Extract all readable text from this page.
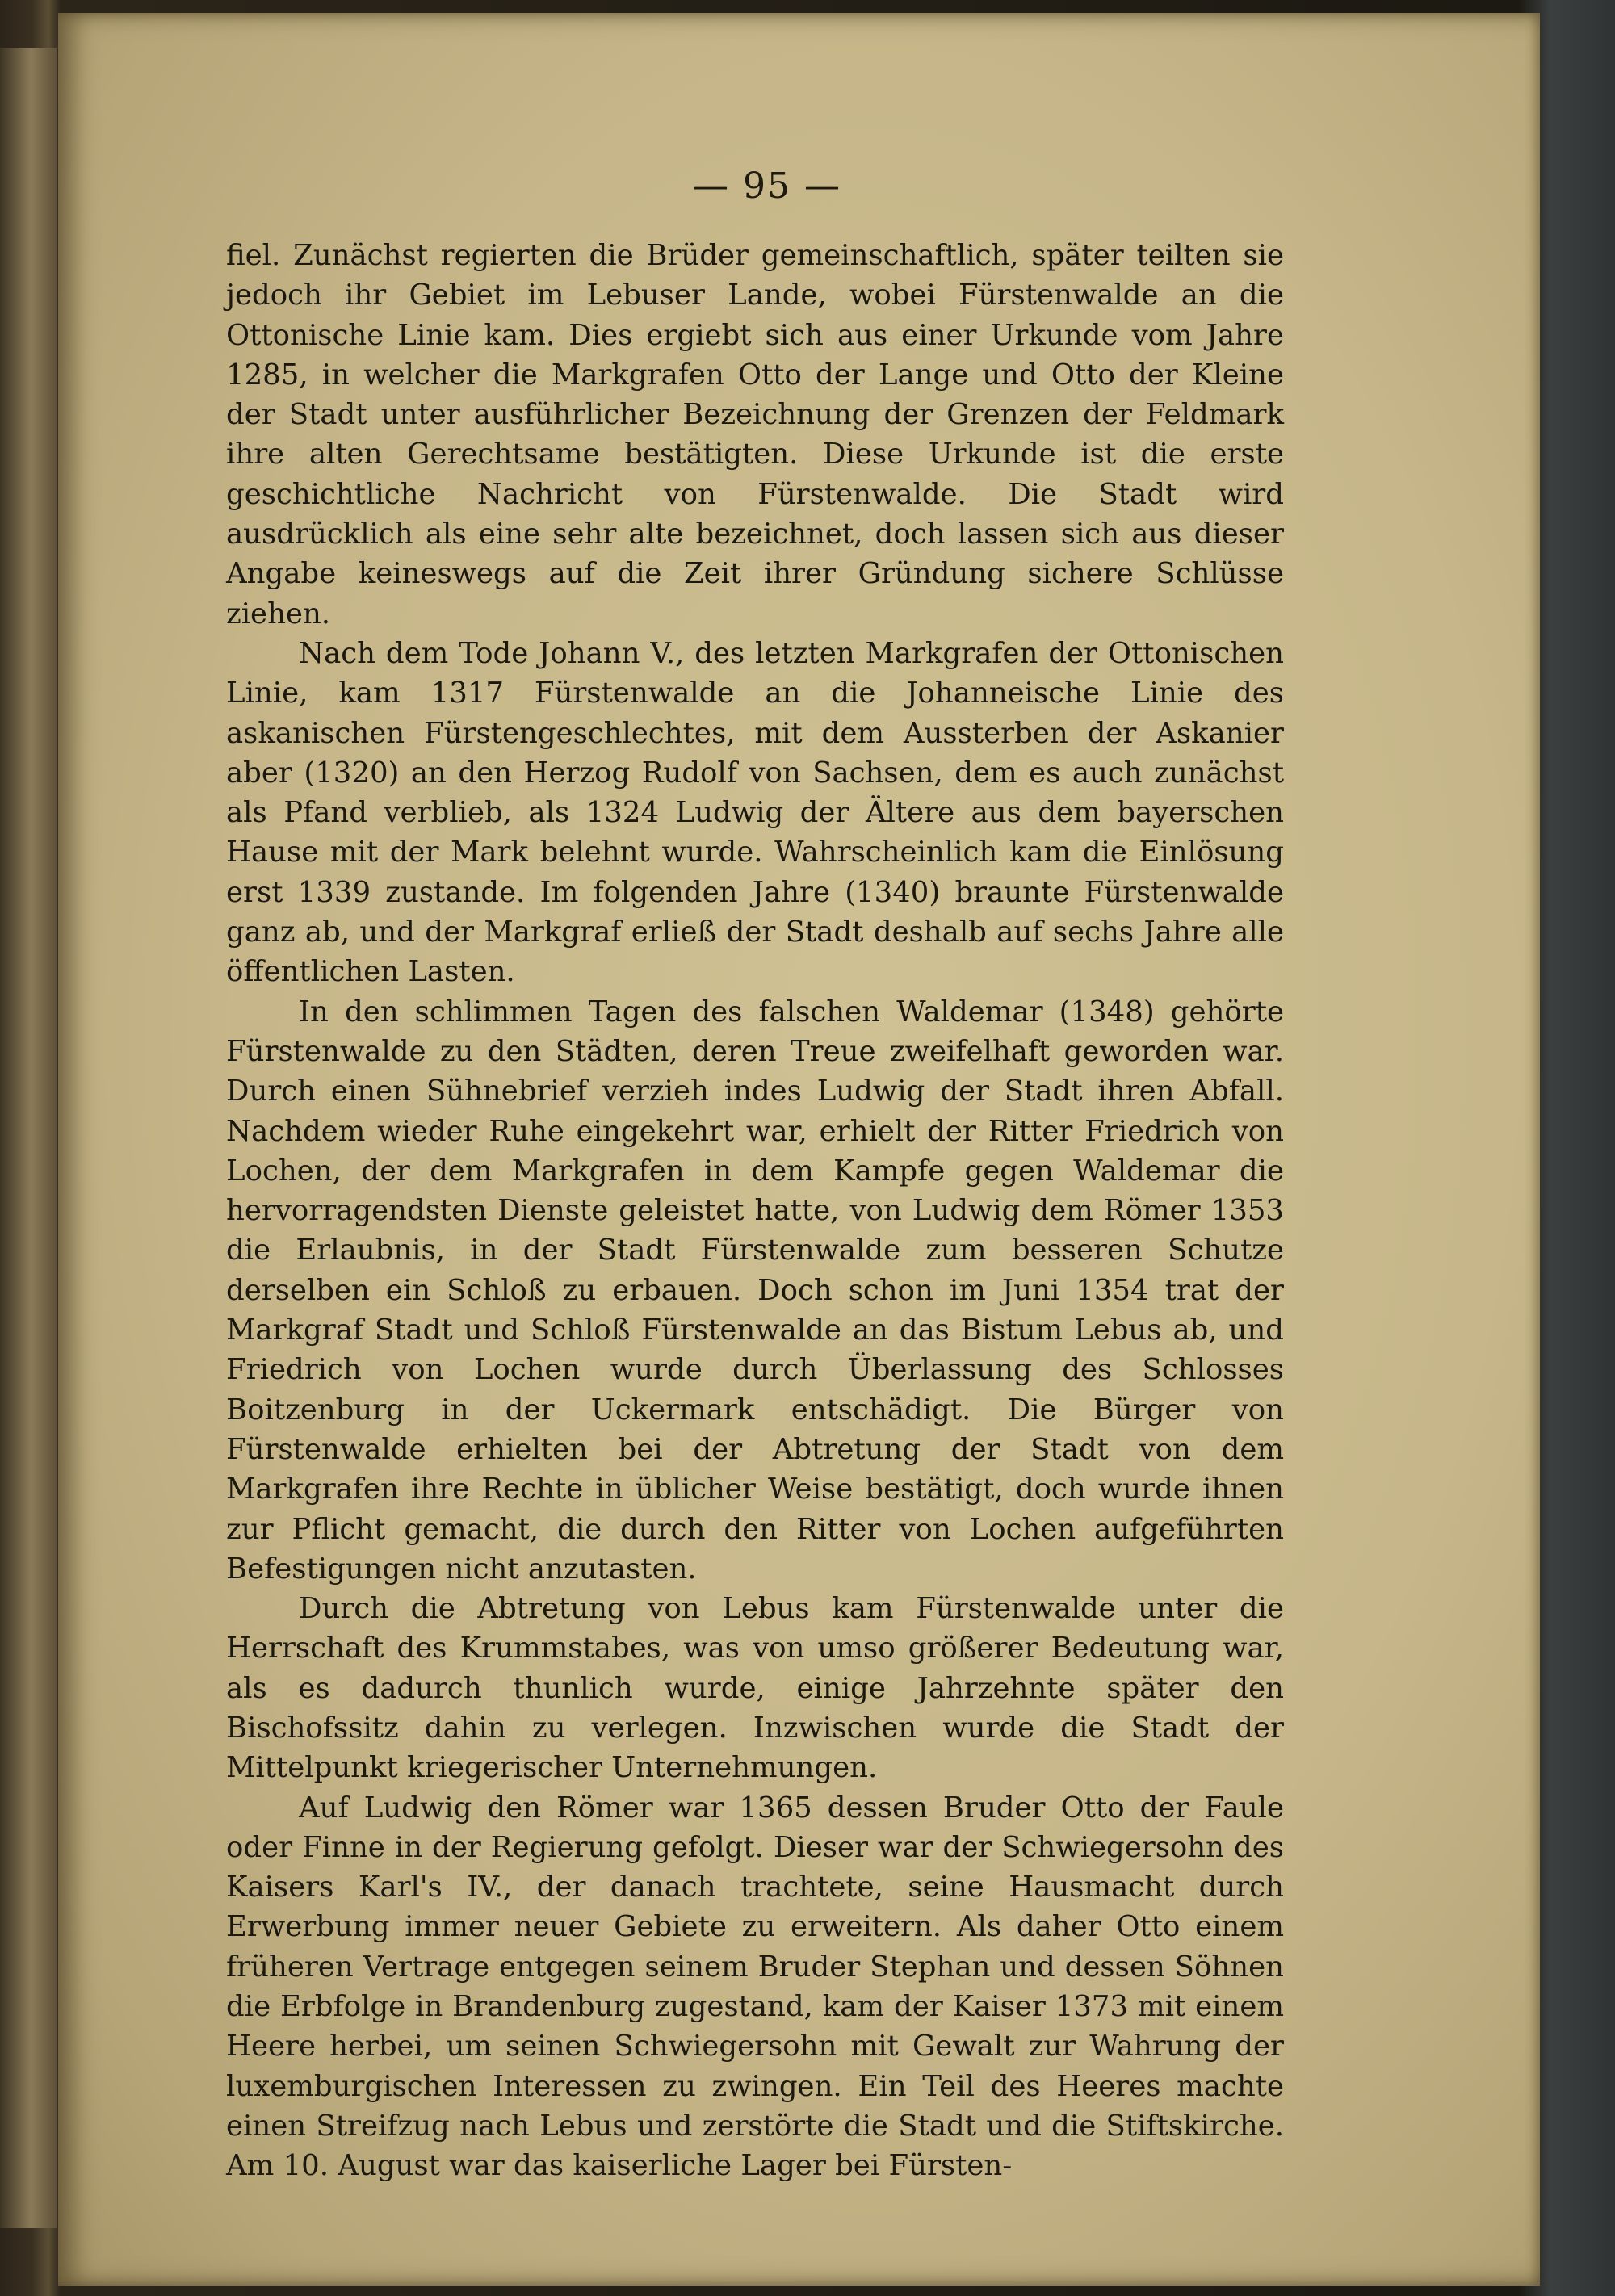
— 95 —

fiel. Zunächst regierten die Brüder gemeinschaftlich, später teilten sie jedoch ihr Gebiet im Lebuser Lande, wobei Fürstenwalde an die Ottonische Linie kam. Dies ergiebt sich aus einer Urkunde vom Jahre 1285, in welcher die Markgrafen Otto der Lange und Otto der Kleine der Stadt unter ausführlicher Bezeichnung der Grenzen der Feldmark ihre alten Gerechtsame bestätigten. Diese Urkunde ist die erste geschichtliche Nachricht von Fürstenwalde. Die Stadt wird ausdrücklich als eine sehr alte bezeichnet, doch lassen sich aus dieser Angabe keineswegs auf die Zeit ihrer Gründung sichere Schlüsse ziehen.

Nach dem Tode Johann V., des letzten Markgrafen der Ottonischen Linie, kam 1317 Fürstenwalde an die Johanneische Linie des askanischen Fürstengeschlechtes, mit dem Aussterben der Askanier aber (1320) an den Herzog Rudolf von Sachsen, dem es auch zunächst als Pfand verblieb, als 1324 Ludwig der Ältere aus dem bayerschen Hause mit der Mark belehnt wurde. Wahrscheinlich kam die Einlösung erst 1339 zustande. Im folgenden Jahre (1340) braunte Fürstenwalde ganz ab, und der Markgraf erließ der Stadt deshalb auf sechs Jahre alle öffentlichen Lasten.

In den schlimmen Tagen des falschen Waldemar (1348) gehörte Fürstenwalde zu den Städten, deren Treue zweifelhaft geworden war. Durch einen Sühnebrief verzieh indes Ludwig der Stadt ihren Abfall. Nachdem wieder Ruhe eingekehrt war, erhielt der Ritter Friedrich von Lochen, der dem Markgrafen in dem Kampfe gegen Waldemar die hervorragendsten Dienste geleistet hatte, von Ludwig dem Römer 1353 die Erlaubnis, in der Stadt Fürstenwalde zum besseren Schutze derselben ein Schloß zu erbauen. Doch schon im Juni 1354 trat der Markgraf Stadt und Schloß Fürstenwalde an das Bistum Lebus ab, und Friedrich von Lochen wurde durch Überlassung des Schlosses Boitzenburg in der Uckermark entschädigt. Die Bürger von Fürstenwalde erhielten bei der Abtretung der Stadt von dem Markgrafen ihre Rechte in üblicher Weise bestätigt, doch wurde ihnen zur Pflicht gemacht, die durch den Ritter von Lochen aufgeführten Befestigungen nicht anzutasten.

Durch die Abtretung von Lebus kam Fürstenwalde unter die Herrschaft des Krummstabes, was von umso größerer Bedeutung war, als es dadurch thunlich wurde, einige Jahrzehnte später den Bischofssitz dahin zu verlegen. Inzwischen wurde die Stadt der Mittelpunkt kriegerischer Unternehmungen.

Auf Ludwig den Römer war 1365 dessen Bruder Otto der Faule oder Finne in der Regierung gefolgt. Dieser war der Schwiegersohn des Kaisers Karl's IV., der danach trachtete, seine Hausmacht durch Erwerbung immer neuer Gebiete zu erweitern. Als daher Otto einem früheren Vertrage entgegen seinem Bruder Stephan und dessen Söhnen die Erbfolge in Brandenburg zugestand, kam der Kaiser 1373 mit einem Heere herbei, um seinen Schwiegersohn mit Gewalt zur Wahrung der luxemburgischen Interessen zu zwingen. Ein Teil des Heeres machte einen Streifzug nach Lebus und zerstörte die Stadt und die Stiftskirche. Am 10. August war das kaiserliche Lager bei Fürsten-
